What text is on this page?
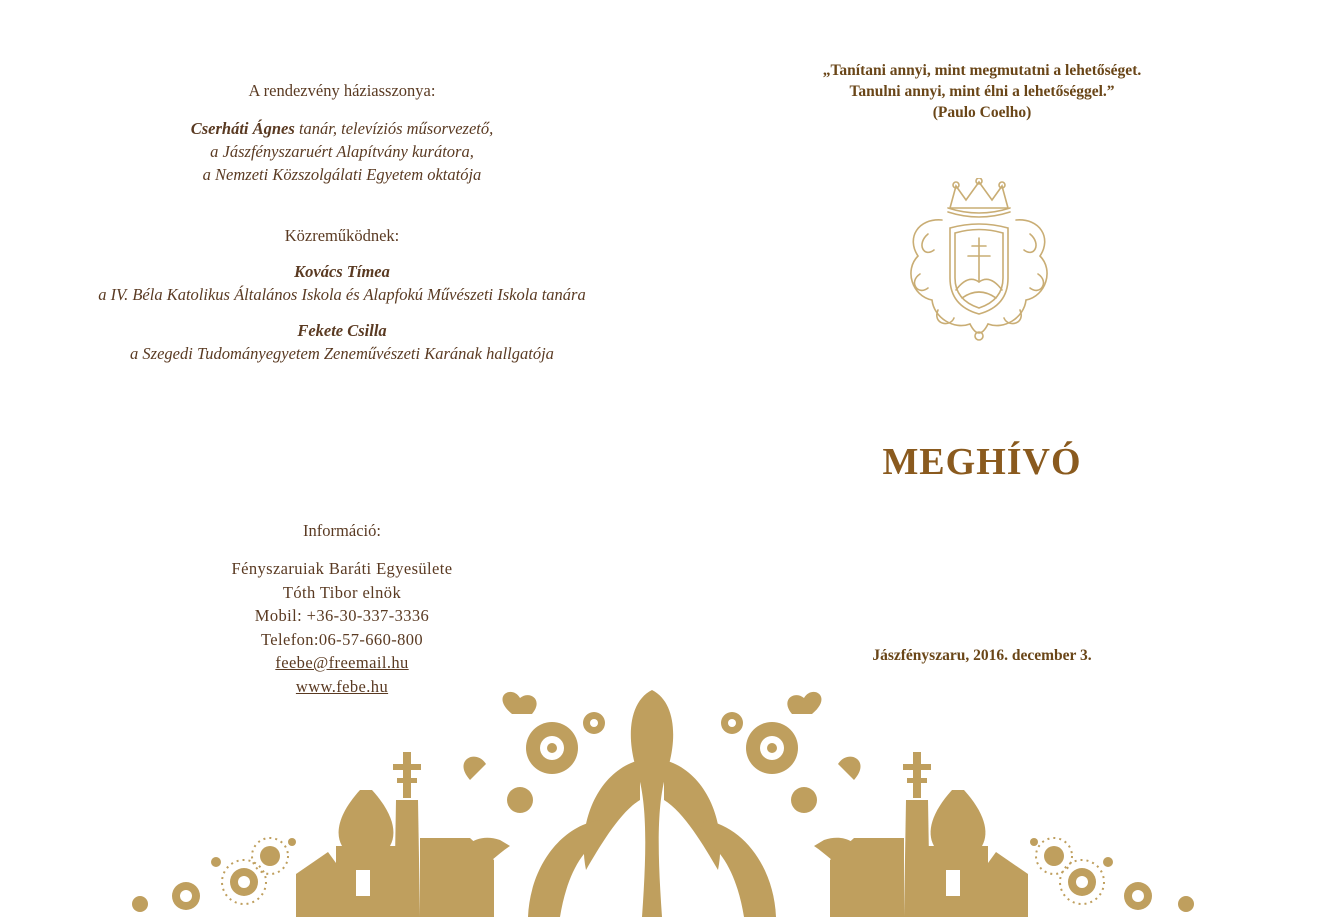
A rendezvény háziasszonya:
Cserháti Ágnes tanár, televíziós műsorvezető,
a Jászfényszaruért Alapítvány kurátora,
a Nemzeti Közszolgálati Egyetem oktatója
Közreműködnek:
Kovács Tímea
a IV. Béla Katolikus Általános Iskola és Alapfokú Művészeti Iskola tanára
Fekete Csilla
a Szegedi Tudományegyetem Zeneművészeti Karának hallgatója
Információ:
Fényszaruiak Baráti Egyesülete
Tóth Tibor elnök
Mobil: +36-30-337-3336
Telefon:06-57-660-800
feebe@freemail.hu
www.febe.hu
„Tanítani annyi, mint megmutatni a lehetőséget.
Tanulni annyi, mint élni a lehetőséggel.”
(Paulo Coelho)
MEGHÍVÓ
Jászfényszaru, 2016. december 3.
